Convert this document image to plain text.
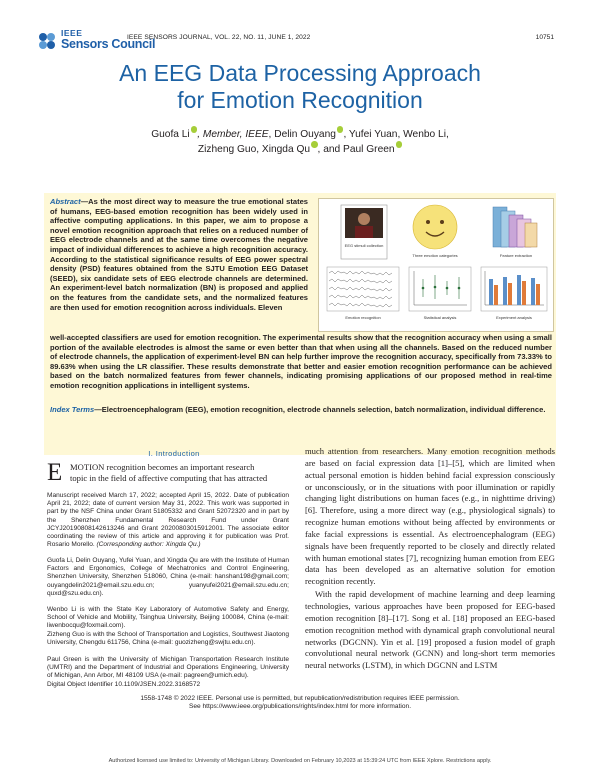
IEEE
Sensors Council
IEEE SENSORS JOURNAL, VOL. 22, NO. 11, JUNE 1, 2022	10751
An EEG Data Processing Approach
for Emotion Recognition
Guofa Li , Member, IEEE, Delin Ouyang , Yufei Yuan, Wenbo Li,
Zizheng Guo, Xingda Qu , and Paul Green
Abstract—As the most direct way to measure the true emotional states of humans, EEG-based emotion recognition has been widely used in affective computing applications. In this paper, we aim to propose a novel emotion recognition approach that relies on a reduced number of EEG electrode channels and at the same time overcomes the negative impact of individual differences to achieve a high recognition accuracy. According to the statistical significance results of EEG power spectral density (PSD) features obtained from the SJTU Emotion EEG Dataset (SEED), six candidate sets of EEG electrode channels are determined. An experiment-level batch normalization (BN) is proposed and applied on the features from the candidate sets, and the normalized features are then used for emotion recognition across individuals. Eleven
EEG stimuli collection
Three emotion categories	Feature extraction
Emotion recognition	Statistical analysis	Experiment analysis
well-accepted classifiers are used for emotion recognition. The experimental results show that the recognition accuracy when using a small portion of the available electrodes is almost the same or even better than that when using all the channels. Based on the reduced number of electrode channels, the application of experiment-level BN can help further improve the recognition accuracy, specifically from 73.33% to 89.63% when using the LR classifier. These results demonstrate that better and easier emotion recognition performance can be achieved based on the batch normalized features from fewer channels, indicating promising applications of our proposed method in real-time emotion recognition applications in intelligent systems.
Index Terms—Electroencephalogram (EEG), emotion recognition, electrode channels selection, batch normalization, individual difference.
I. Introduction
E MOTION recognition becomes an important research
topic in the field of affective computing that has attracted
Manuscript received March 17, 2022; accepted April 15, 2022. Date of publication April 21, 2022; date of current version May 31, 2022. This work was supported in part by the NSF China under Grant 51805332 and Grant 52072320 and in part by the Shenzhen Fundamental Research Fund under Grant JCYJ20190808142613246 and Grant 20200803015912001. The associate editor coordinating the review of this article and approving it for publication was Prof. Rosario Morello. (Corresponding author: Xingda Qu.)
Guofa Li, Delin Ouyang, Yufei Yuan, and Xingda Qu are with the Institute of Human Factors and Ergonomics, College of Mechatronics and Control Engineering, Shenzhen University, Shenzhen 518060, China (e-mail: hanshan198@gmail.com; ouyangdelin2021@email.szu.edu.cn; yuanyufei2021@email.szu.edu.cn; quxd@szu.edu.cn).
Wenbo Li is with the State Key Laboratory of Automotive Safety and Energy, School of Vehicle and Mobility, Tsinghua University, Beijing 100084, China (e-mail: liwenbocqu@foxmail.com).
Zizheng Guo is with the School of Transportation and Logistics, Southwest Jiaotong University, Chengdu 611756, China (e-mail: guozizheng@swjtu.edu.cn).
Paul Green is with the University of Michigan Transportation Research Institute (UMTRI) and the Department of Industrial and Operations Engineering, University of Michigan, Ann Arbor, MI 48109 USA (e-mail: pagreen@umich.edu).
Digital Object Identifier 10.1109/JSEN.2022.3168572

much attention from researchers. Many emotion recognition methods are based on facial expression data [1]–[5], which are limited when actual personal emotion is hidden behind facial expression consciously or unconsciously, or in the situations with poor illumination or rapidly changing light distributions on human faces (e.g., in nighttime driving) [6]. Therefore, using a more direct way (e.g., physiological signals) to recognize human emotions without being affected by environments or fake facial expressions is essential. As electroencephalogram (EEG) signals have been frequently reported to be closely and directly related with human emotional states [7], recognizing human emotion from EEG data has been developed as an alternative solution for emotion recognition recently.

With the rapid development of machine learning and deep learning technologies, various approaches have been proposed for EEG-based emotion recognition [8]–[17]. Song et al. [18] proposed an EEG-based emotion recognition method with dynamical graph convolutional neural networks (DGCNN). Yin et al. [19] proposed a fusion model of graph convolutional neural network (GCNN) and long-short term memories neural networks (LSTM), in which DGCNN and LSTM

1558-1748 © 2022 IEEE. Personal use is permitted, but republication/redistribution requires IEEE permission.
See https://www.ieee.org/publications/rights/index.html for more information.
Authorized licensed use limited to: University of Michigan Library. Downloaded on February 10,2023 at 15:39:24 UTC from IEEE Xplore. Restrictions apply.
